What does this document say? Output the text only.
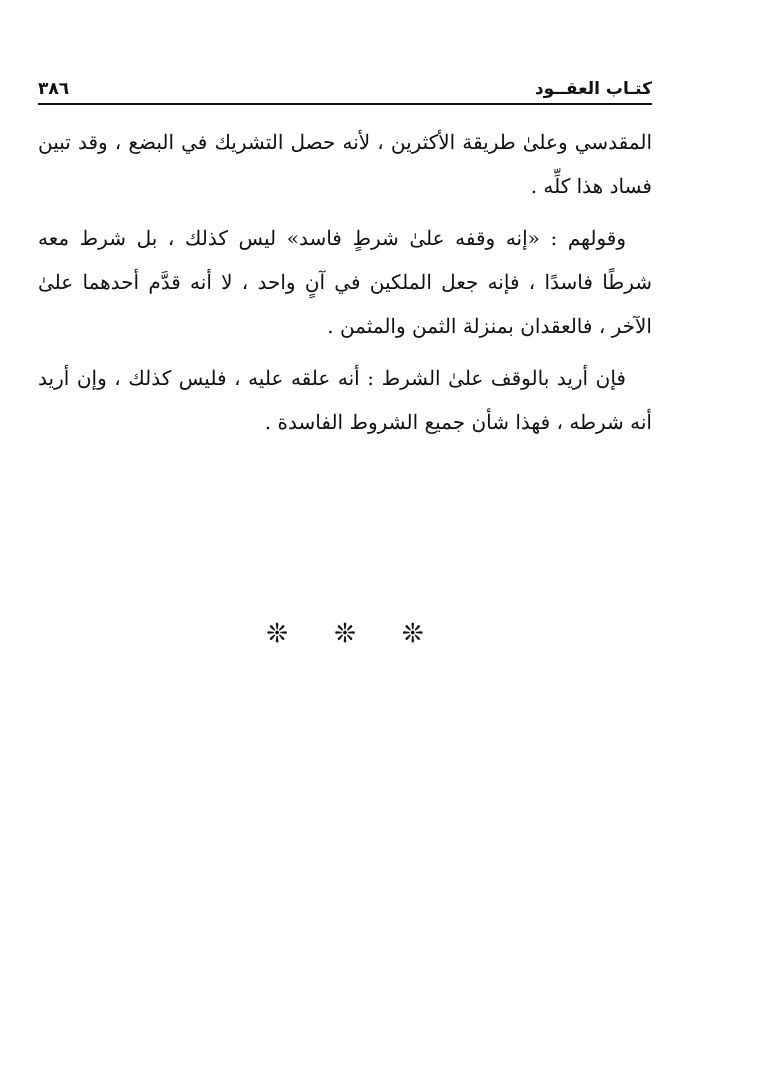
٣٨٦	كتـاب العقــود

المقدسي وعلىٰ طريقة الأكثرين ، لأنه حصل التشريك في البضع ، وقد تبين فساد هذا كلِّه .

وقولهم : «إنه وقفه علىٰ شرطٍ فاسد» ليس كذلك ، بل شرط معه شرطًا فاسدًا ، فإنه جعل الملكين في آنٍ واحد ، لا أنه قدَّم أحدهما علىٰ الآخر ، فالعقدان بمنزلة الثمن والمثمن .

فإن أريد بالوقف علىٰ الشرط : أنه علقه عليه ، فليس كذلك ، وإن أريد أنه شرطه ، فهذا شأن جميع الشروط الفاسدة .

❊ ❊ ❊
